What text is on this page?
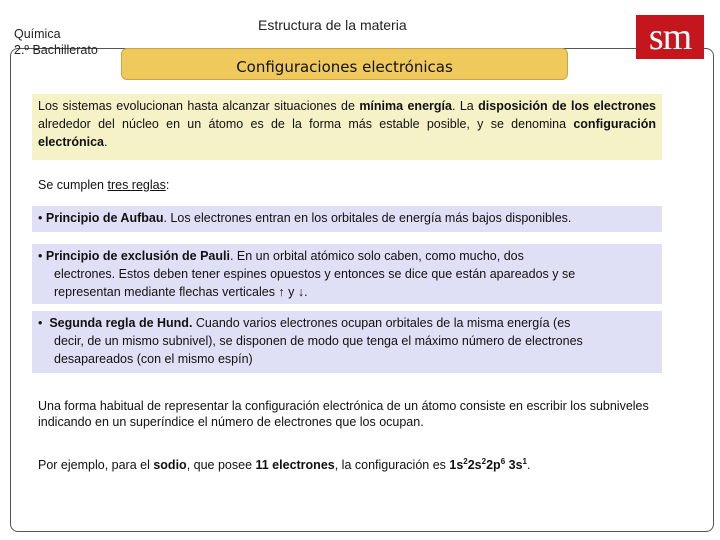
Química
2.º Bachillerato
Estructura de la materia	sm
Configuraciones electrónicas
Los sistemas evolucionan hasta alcanzar situaciones de mínima energía. La disposición de los electrones alrededor del núcleo en un átomo es de la forma más estable posible, y se denomina configuración electrónica.
Se cumplen tres reglas:
• Principio de Aufbau. Los electrones entran en los orbitales de energía más bajos disponibles.
• Principio de exclusión de Pauli. En un orbital atómico solo caben, como mucho, dos
electrones. Estos deben tener espines opuestos y entonces se dice que están apareados y se
representan mediante flechas verticales ↑ y ↓.
• Segunda regla de Hund. Cuando varios electrones ocupan orbitales de la misma energía (es
decir, de un mismo subnivel), se disponen de modo que tenga el máximo número de electrones
desapareados (con el mismo espín)
Una forma habitual de representar la configuración electrónica de un átomo consiste en escribir los subniveles indicando en un superíndice el número de electrones que los ocupan.
Por ejemplo, para el sodio, que posee 11 electrones, la configuración es $1s^22s^22p^6$ $3s^1$.
